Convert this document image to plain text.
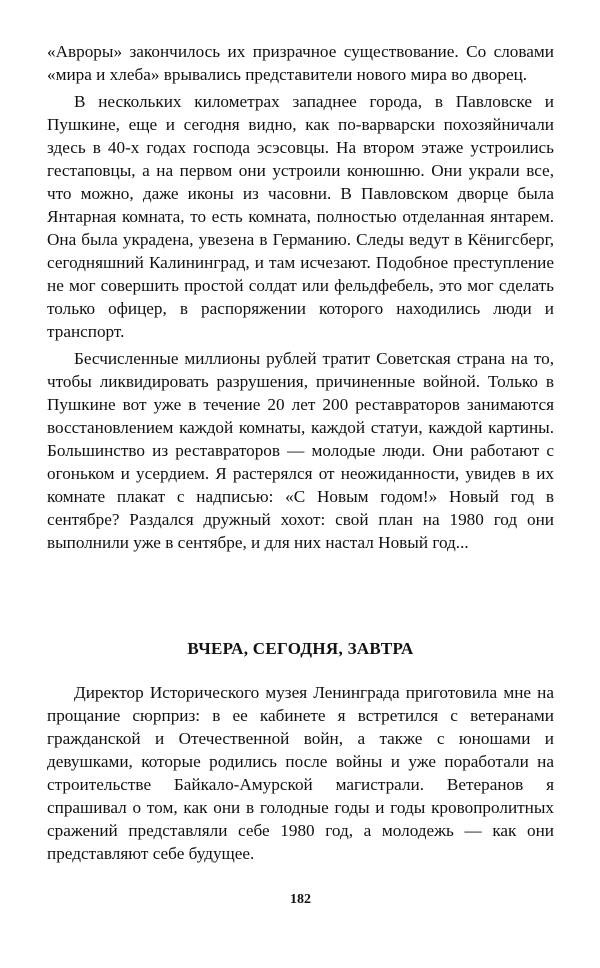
«Авроры» закончилось их призрачное существование. Со словами «мира и хлеба» врывались представители нового мира во дворец.

В нескольких километрах западнее города, в Павловске и Пушкине, еще и сегодня видно, как по-варварски похозяйничали здесь в 40-х годах господа эсэсовцы. На втором этаже устроились гестаповцы, а на первом они устроили конюшню. Они украли все, что можно, даже иконы из часовни. В Павловском дворце была Янтарная комната, то есть комната, полностью отделанная янтарем. Она была украдена, увезена в Германию. Следы ведут в Кёнигсберг, сегодняшний Калининград, и там исчезают. Подобное преступление не мог совершить простой солдат или фельдфебель, это мог сделать только офицер, в распоряжении которого находились люди и транспорт.

Бесчисленные миллионы рублей тратит Советская страна на то, чтобы ликвидировать разрушения, причиненные войной. Только в Пушкине вот уже в течение 20 лет 200 реставраторов занимаются восстановлением каждой комнаты, каждой статуи, каждой картины. Большинство из реставраторов — молодые люди. Они работают с огоньком и усердием. Я растерялся от неожиданности, увидев в их комнате плакат с надписью: «С Новым годом!» Новый год в сентябре? Раздался дружный хохот: свой план на 1980 год они выполнили уже в сентябре, и для них настал Новый год...

ВЧЕРА, СЕГОДНЯ, ЗАВТРА

Директор Исторического музея Ленинграда приготовила мне на прощание сюрприз: в ее кабинете я встретился с ветеранами гражданской и Отечественной войн, а также с юношами и девушками, которые родились после войны и уже поработали на строительстве Байкало-Амурской магистрали. Ветеранов я спрашивал о том, как они в голодные годы и годы кровопролитных сражений представляли себе 1980 год, а молодежь — как они представляют себе будущее.

182
